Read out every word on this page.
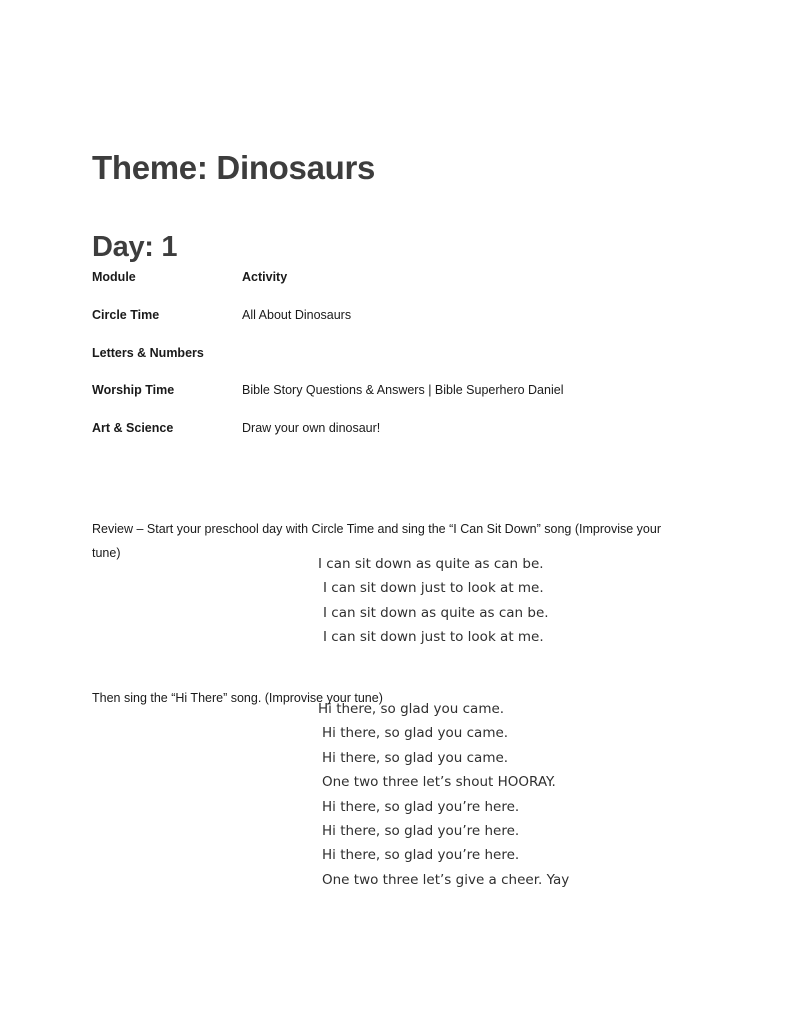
Theme: Dinosaurs
Day: 1
Module	Activity
Circle Time	All About Dinosaurs
Letters & Numbers	
Worship Time	Bible Story Questions & Answers | Bible Superhero Daniel
Art & Science	Draw your own dinosaur!

Review – Start your preschool day with Circle Time and sing the “I Can Sit Down” song (Improvise your tune)

I can sit down as quite as can be.
I can sit down just to look at me.
I can sit down as quite as can be.
I can sit down just to look at me.

Then sing the “Hi There” song. (Improvise your tune)

Hi there, so glad you came.
Hi there, so glad you came.
Hi there, so glad you came.
One two three let’s shout HOORAY.
Hi there, so glad you’re here.
Hi there, so glad you’re here.
Hi there, so glad you’re here.
One two three let’s give a cheer. Yay
